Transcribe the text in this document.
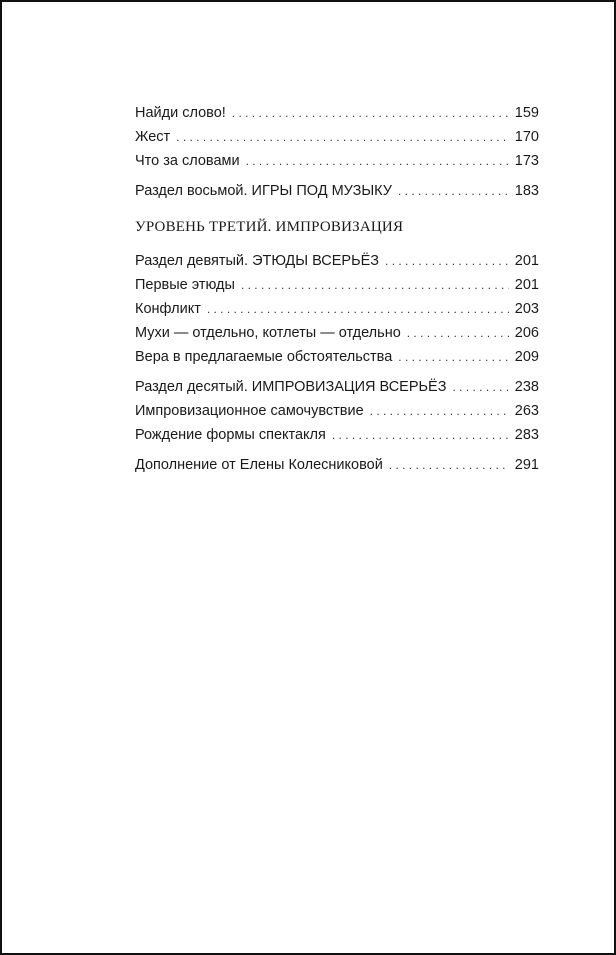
Найди слово! . . .	159
Жест . . .	170
Что за словами . . .	173
Раздел восьмой. ИГРЫ ПОД МУЗЫКУ . . .	183
УРОВЕНЬ ТРЕТИЙ. ИМПРОВИЗАЦИЯ
Раздел девятый. ЭТЮДЫ ВСЕРЬЁЗ . . .	201
Первые этюды . . .	201
Конфликт . . .	203
Мухи — отдельно, котлеты — отдельно . . .	206
Вера в предлагаемые обстоятельства . . .	209
Раздел десятый. ИМПРОВИЗАЦИЯ ВСЕРЬЁЗ . . .	238
Импровизационное самочувствие . . .	263
Рождение формы спектакля . . .	283
Дополнение от Елены Колесниковой . . .	291
